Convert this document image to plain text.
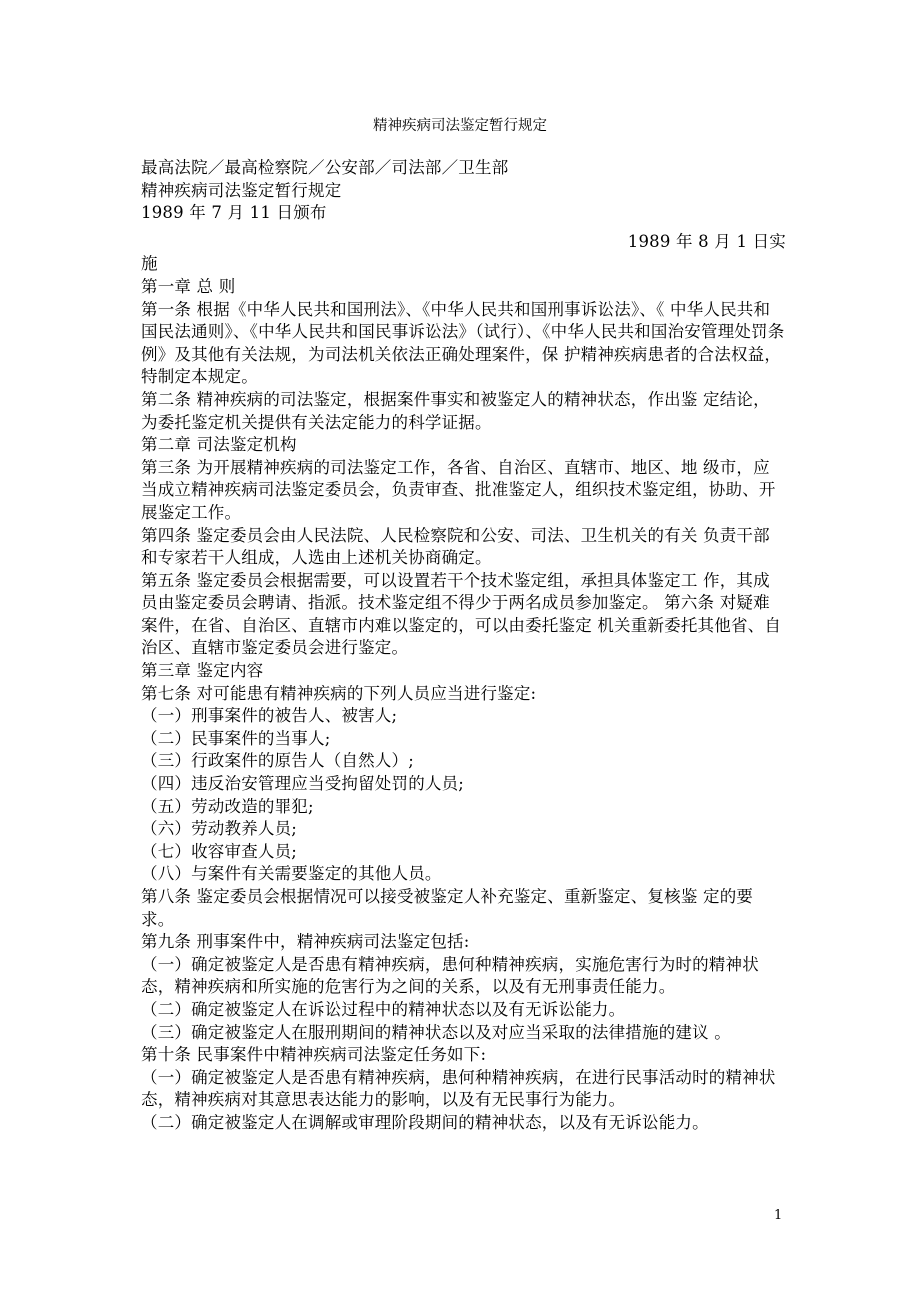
精神疾病司法鉴定暂行规定

最高法院／最高检察院／公安部／司法部／卫生部

精神疾病司法鉴定暂行规定

1989 年 7 月 11 日颁布

1989 年 8 月 1 日实

施

第一章 总 则

第一条 根据《中华人民共和国刑法》、《中华人民共和国刑事诉讼法》、《 中华人民共和国民法通则》、《中华人民共和国民事诉讼法》（试行）、《中华人民共和国治安管理处罚条例》及其他有关法规，为司法机关依法正确处理案件，保 护精神疾病患者的合法权益，特制定本规定。

第二条 精神疾病的司法鉴定，根据案件事实和被鉴定人的精神状态，作出鉴 定结论，为委托鉴定机关提供有关法定能力的科学证据。

第二章 司法鉴定机构

第三条 为开展精神疾病的司法鉴定工作，各省、自治区、直辖市、地区、地 级市，应当成立精神疾病司法鉴定委员会，负责审查、批准鉴定人，组织技术鉴定组，协助、开展鉴定工作。

第四条 鉴定委员会由人民法院、人民检察院和公安、司法、卫生机关的有关 负责干部和专家若干人组成，人选由上述机关协商确定。

第五条 鉴定委员会根据需要，可以设置若干个技术鉴定组，承担具体鉴定工 作，其成员由鉴定委员会聘请、指派。技术鉴定组不得少于两名成员参加鉴定。 第六条 对疑难案件，在省、自治区、直辖市内难以鉴定的，可以由委托鉴定 机关重新委托其他省、自治区、直辖市鉴定委员会进行鉴定。

第三章 鉴定内容

第七条 对可能患有精神疾病的下列人员应当进行鉴定:

（一）刑事案件的被告人、被害人;

（二）民事案件的当事人;

（三）行政案件的原告人（自然人）;

（四）违反治安管理应当受拘留处罚的人员;

（五）劳动改造的罪犯;

（六）劳动教养人员;

（七）收容审查人员;

（八）与案件有关需要鉴定的其他人员。

第八条 鉴定委员会根据情况可以接受被鉴定人补充鉴定、重新鉴定、复核鉴 定的要求。

第九条 刑事案件中，精神疾病司法鉴定包括:

（一）确定被鉴定人是否患有精神疾病，患何种精神疾病，实施危害行为时的精神状态，精神疾病和所实施的危害行为之间的关系，以及有无刑事责任能力。

（二）确定被鉴定人在诉讼过程中的精神状态以及有无诉讼能力。

（三）确定被鉴定人在服刑期间的精神状态以及对应当采取的法律措施的建议 。

第十条 民事案件中精神疾病司法鉴定任务如下:

（一）确定被鉴定人是否患有精神疾病，患何种精神疾病，在进行民事活动时的精神状态，精神疾病对其意思表达能力的影响，以及有无民事行为能力。

（二）确定被鉴定人在调解或审理阶段期间的精神状态，以及有无诉讼能力。

1
